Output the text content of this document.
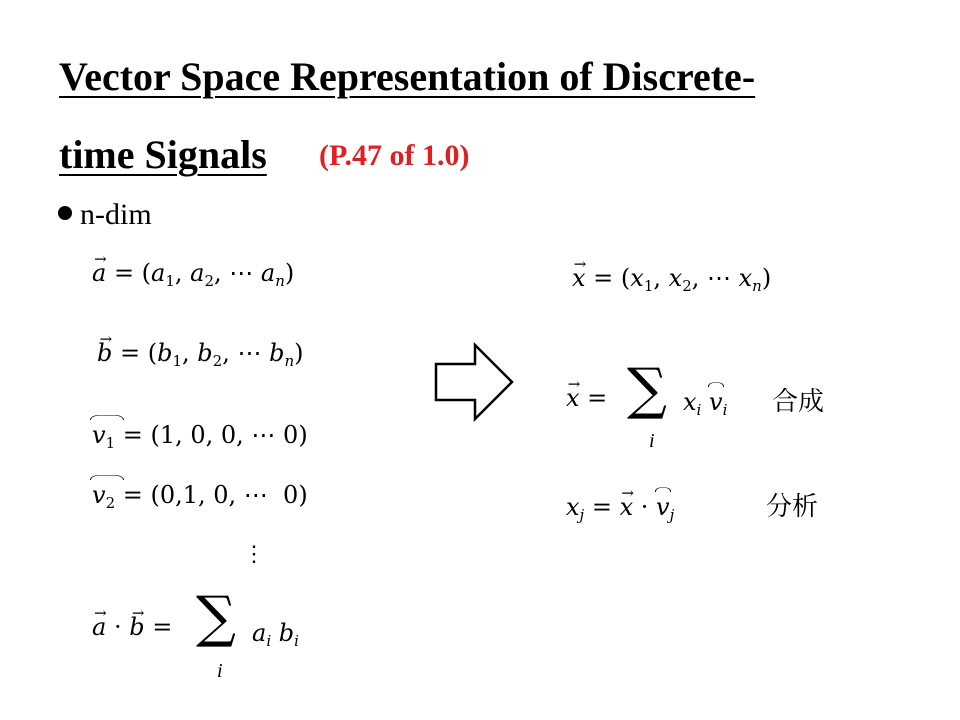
Vector Space Representation of Discrete-
time Signals (P.47 of 1.0)
n-dim
→ $a = (a_1$, $a_2$, ⋯ $a_n$)
→ $b = (b_1$, $b_2$, ⋯ $b_n$)
$v_1 = (1$, 0, 0, ⋯ 0)
$v_2 = (0,1$, 0, ⋯  0)
⋮
→ a · → b = ∑
i
$a_i$ $b_i$
→ $x = (x_1$, $x_2$, ⋯ $x_n$)
→ x = ∑
i
$x_i$ $v_i$ 合成
$x_j$ = → $x \cdot v_j$	分析
